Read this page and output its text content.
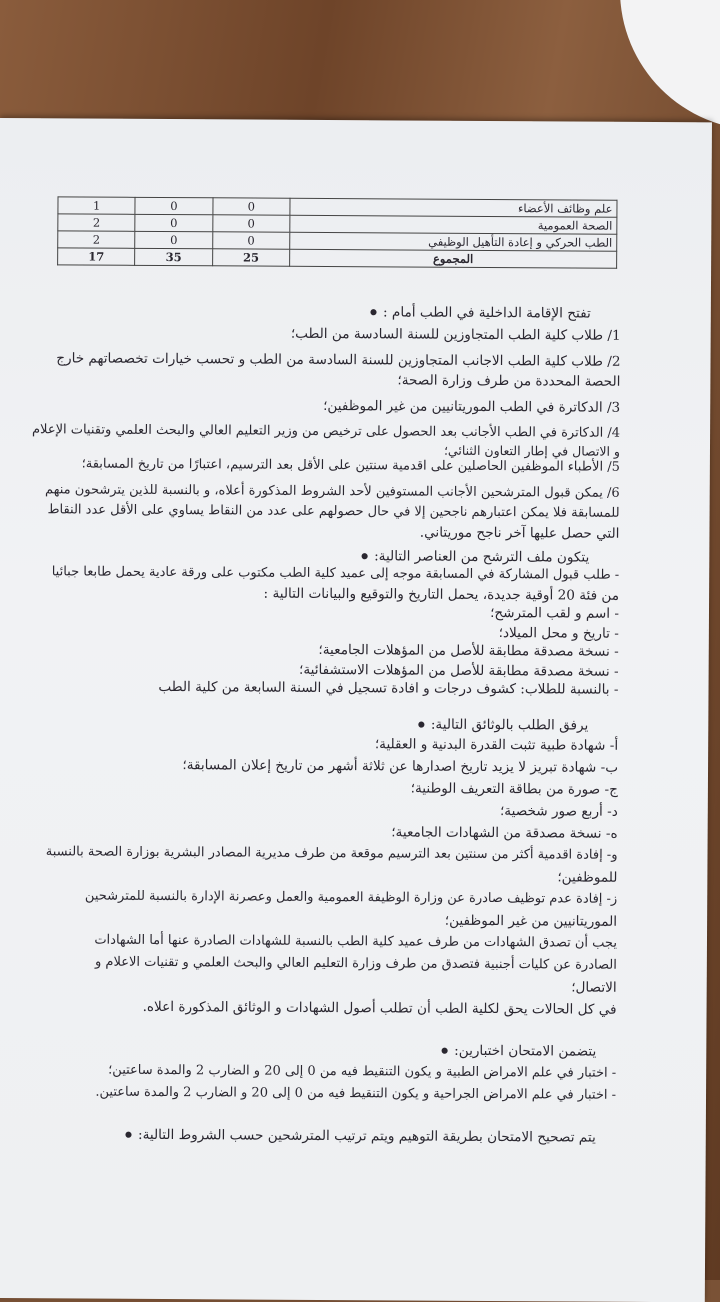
علم وظائف الأعضاء	0	0	1
الصحة العمومية	0	0	2
الطب الحركي و إعادة التأهيل الوظيفي	0	0	2
المجموع	25	35	17
تفتح الإقامة الداخلية في الطب أمام : ●
1/ طلاب كلية الطب المتجاوزين للسنة السادسة من الطب؛
2/ طلاب كلية الطب الاجانب المتجاوزين للسنة السادسة من الطب و تحسب خيارات تخصصاتهم خارج
الحصة المحددة من طرف وزارة الصحة؛
3/ الدكاترة في الطب الموريتانيين من غير الموظفين؛
4/ الدكاترة في الطب الأجانب بعد الحصول على ترخيص من وزير التعليم العالي والبحث العلمي وتقنيات الإعلام
و الاتصال في إطار التعاون الثنائي؛
5/ الأطباء الموظفين الحاصلين على اقدمية سنتين على الأقل بعد الترسيم، اعتبارًا من تاريخ المسابقة؛
6/ يمكن قبول المترشحين الأجانب المستوفين لأحد الشروط المذكورة أعلاه، و بالنسبة للذين يترشحون منهم
للمسابقة فلا يمكن اعتبارهم ناجحين إلا في حال حصولهم على عدد من النقاط يساوي على الأقل عدد النقاط
التي حصل عليها آخر ناجح موريتاني.
يتكون ملف الترشح من العناصر التالية: ●
- طلب قبول المشاركة في المسابقة موجه إلى عميد كلية الطب مكتوب على ورقة عادية يحمل طابعا جبائيا
من فئة 20 أوقية جديدة، يحمل التاريخ والتوقيع والبيانات التالية :
- اسم و لقب المترشح؛
- تاريخ و محل الميلاد؛
- نسخة مصدقة مطابقة للأصل من المؤهلات الجامعية؛
- نسخة مصدقة مطابقة للأصل من المؤهلات الاستشفائية؛
- بالنسبة للطلاب: كشوف درجات و افادة تسجيل في السنة السابعة من كلية الطب
يرفق الطلب بالوثائق التالية: ●
أ- شهادة طبية تثبت القدرة البدنية و العقلية؛
ب- شهادة تبريز لا يزيد تاريخ اصدارها عن ثلاثة أشهر من تاريخ إعلان المسابقة؛
ج- صورة من بطاقة التعريف الوطنية؛
د- أربع صور شخصية؛
ه- نسخة مصدقة من الشهادات الجامعية؛
و- إفادة اقدمية أكثر من سنتين بعد الترسيم موقعة من طرف مديرية المصادر البشرية بوزارة الصحة بالنسبة
للموظفين؛
ز- إفادة عدم توظيف صادرة عن وزارة الوظيفة العمومية والعمل وعصرنة الإدارة بالنسبة للمترشحين
الموريتانيين من غير الموظفين؛
يجب أن تصدق الشهادات من طرف عميد كلية الطب بالنسبة للشهادات الصادرة عنها أما الشهادات
الصادرة عن كليات أجنبية فتصدق من طرف وزارة التعليم العالي والبحث العلمي و تقنيات الاعلام و
الاتصال؛
في كل الحالات يحق لكلية الطب أن تطلب أصول الشهادات و الوثائق المذكورة اعلاه.
يتضمن الامتحان اختبارين: ●
- اختبار في علم الامراض الطبية و يكون التنقيط فيه من 0 إلى 20 و الضارب 2 والمدة ساعتين؛
- اختبار في علم الامراض الجراحية و يكون التنقيط فيه من 0 إلى 20 و الضارب 2 والمدة ساعتين.
يتم تصحيح الامتحان بطريقة التوهيم ويتم ترتيب المترشحين حسب الشروط التالية: ●
